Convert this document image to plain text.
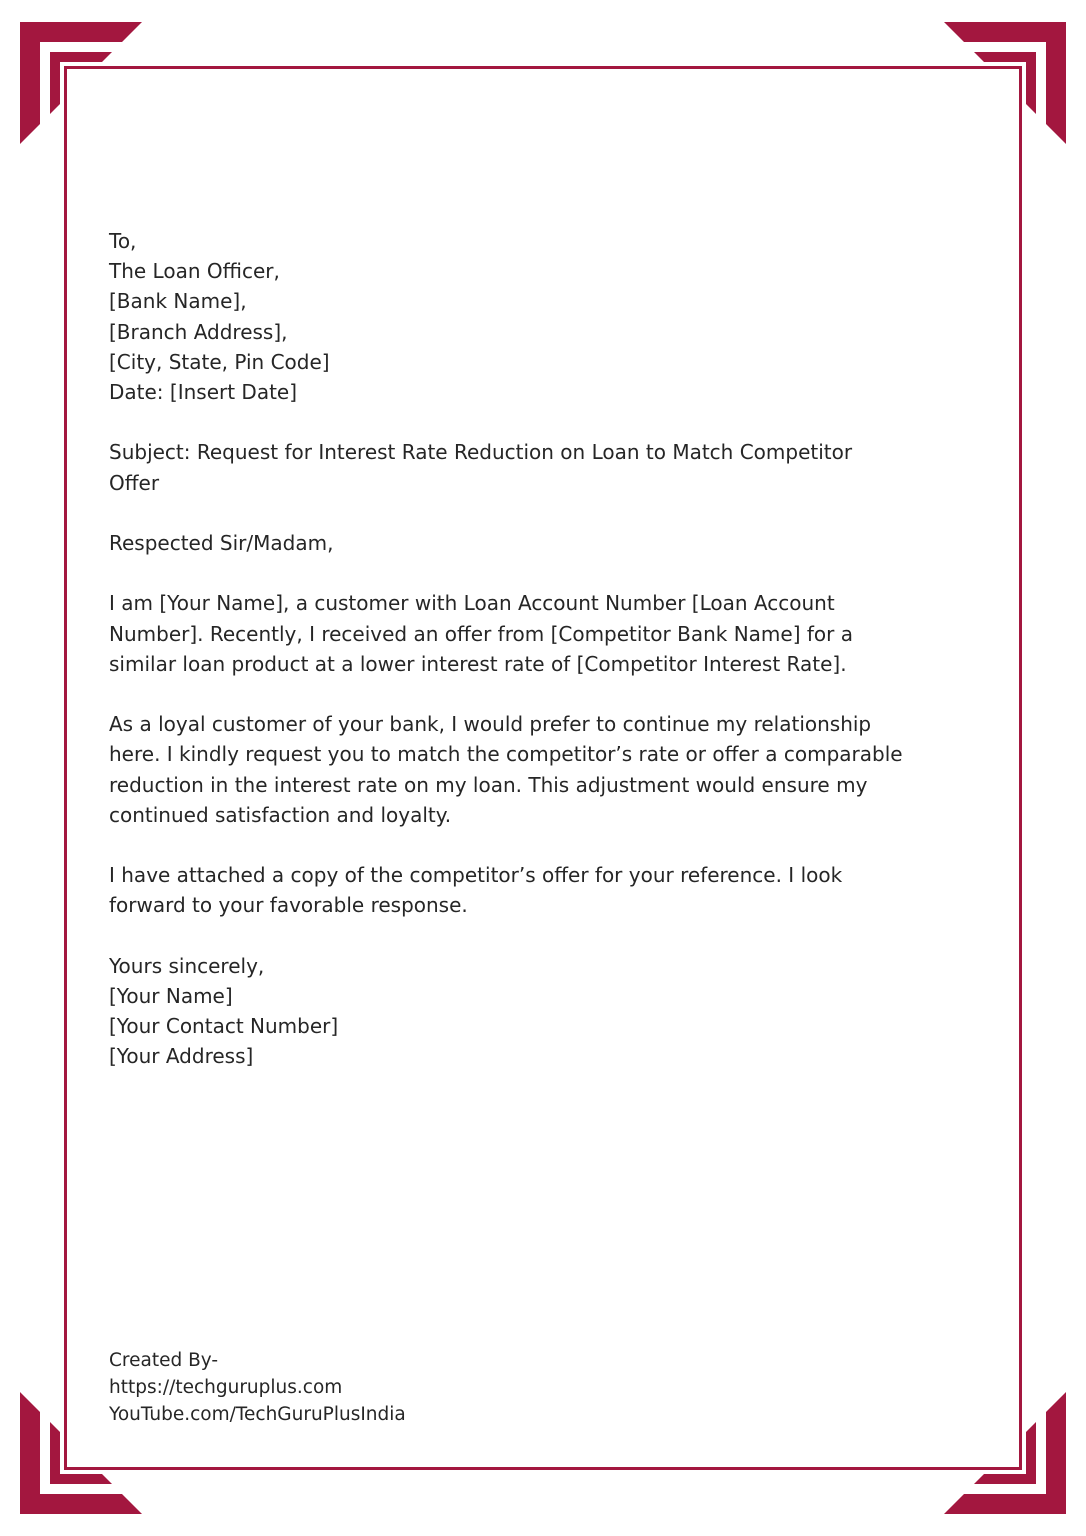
To,
The Loan Officer,
[Bank Name],
[Branch Address],
[City, State, Pin Code]
Date: [Insert Date]
Subject: Request for Interest Rate Reduction on Loan to Match Competitor
Offer
Respected Sir/Madam,
I am [Your Name], a customer with Loan Account Number [Loan Account
Number]. Recently, I received an offer from [Competitor Bank Name] for a
similar loan product at a lower interest rate of [Competitor Interest Rate].
As a loyal customer of your bank, I would prefer to continue my relationship
here. I kindly request you to match the competitor’s rate or offer a comparable
reduction in the interest rate on my loan. This adjustment would ensure my
continued satisfaction and loyalty.
I have attached a copy of the competitor’s offer for your reference. I look
forward to your favorable response.
Yours sincerely,
[Your Name]
[Your Contact Number]
[Your Address]
Created By-
https://techguruplus.com
YouTube.com/TechGuruPlusIndia
